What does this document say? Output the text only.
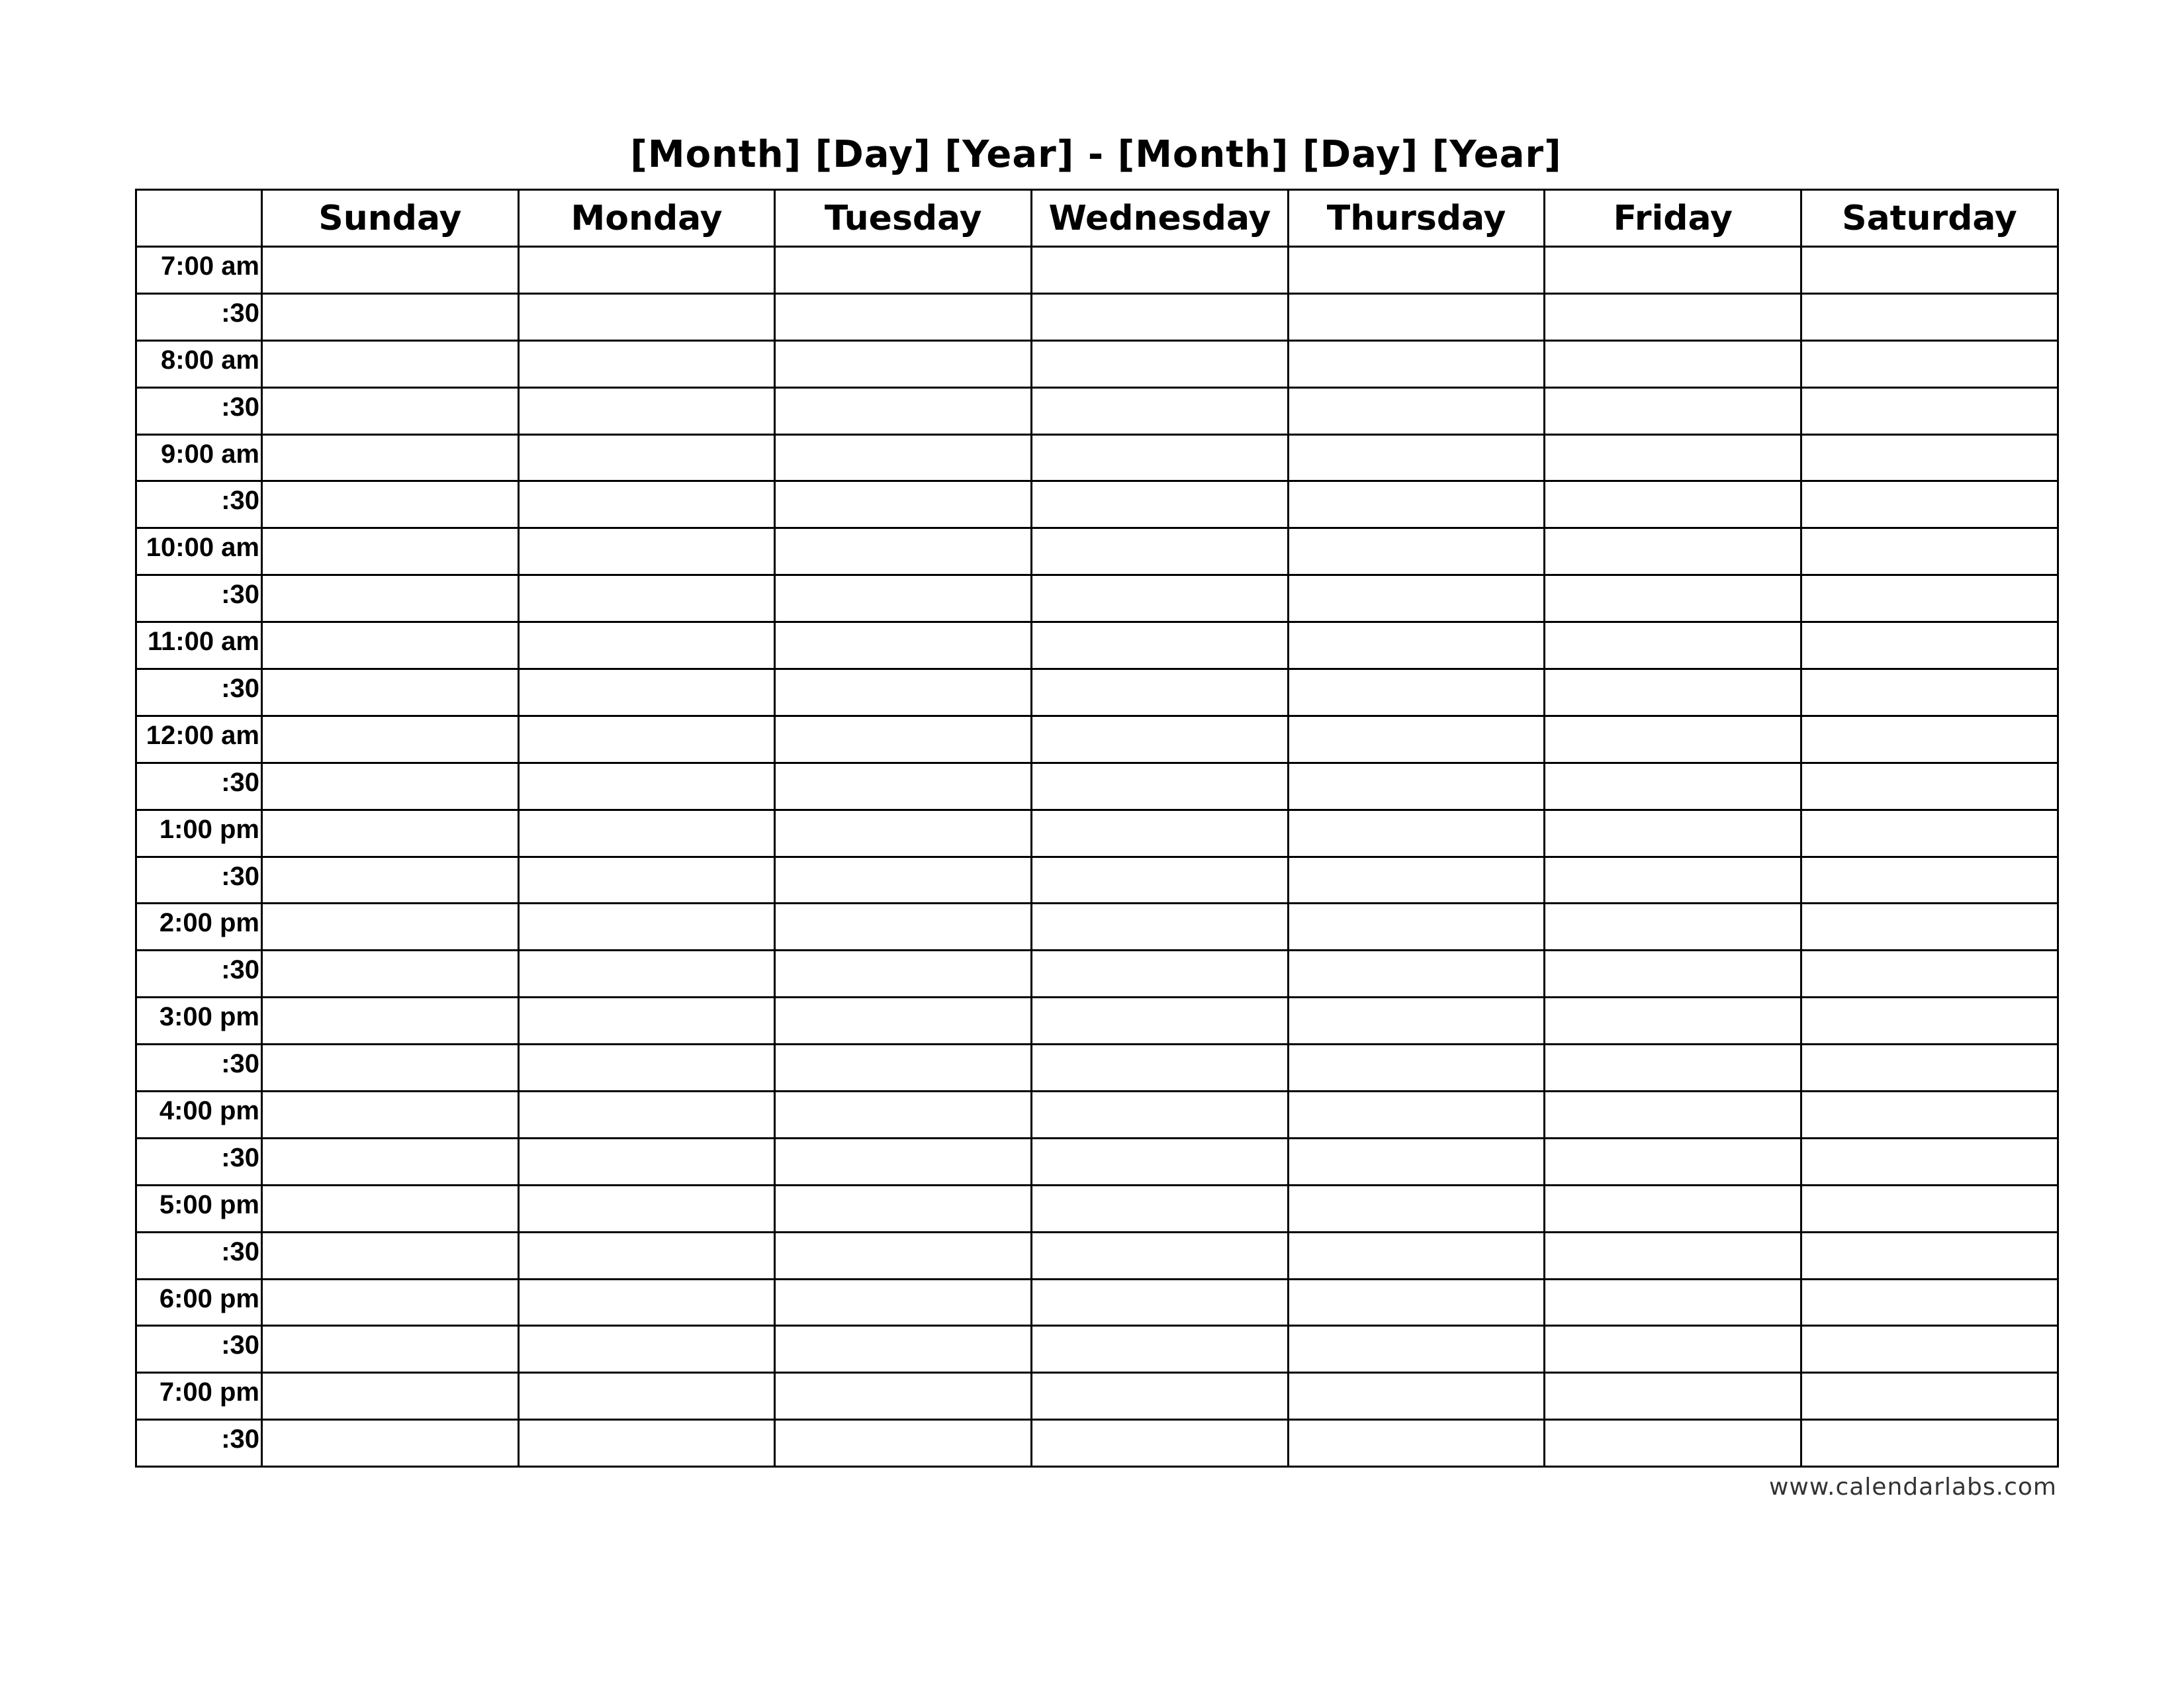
[Month] [Day] [Year] - [Month] [Day] [Year]
	Sunday	Monday	Tuesday	Wednesday	Thursday	Friday	Saturday
7:00 am							
:30							
8:00 am							
:30							
9:00 am							
:30							
10:00 am							
:30							
11:00 am							
:30							
12:00 am							
:30							
1:00 pm							
:30							
2:00 pm							
:30							
3:00 pm							
:30							
4:00 pm							
:30							
5:00 pm							
:30							
6:00 pm							
:30							
7:00 pm							
:30							
www.calendarlabs.com
